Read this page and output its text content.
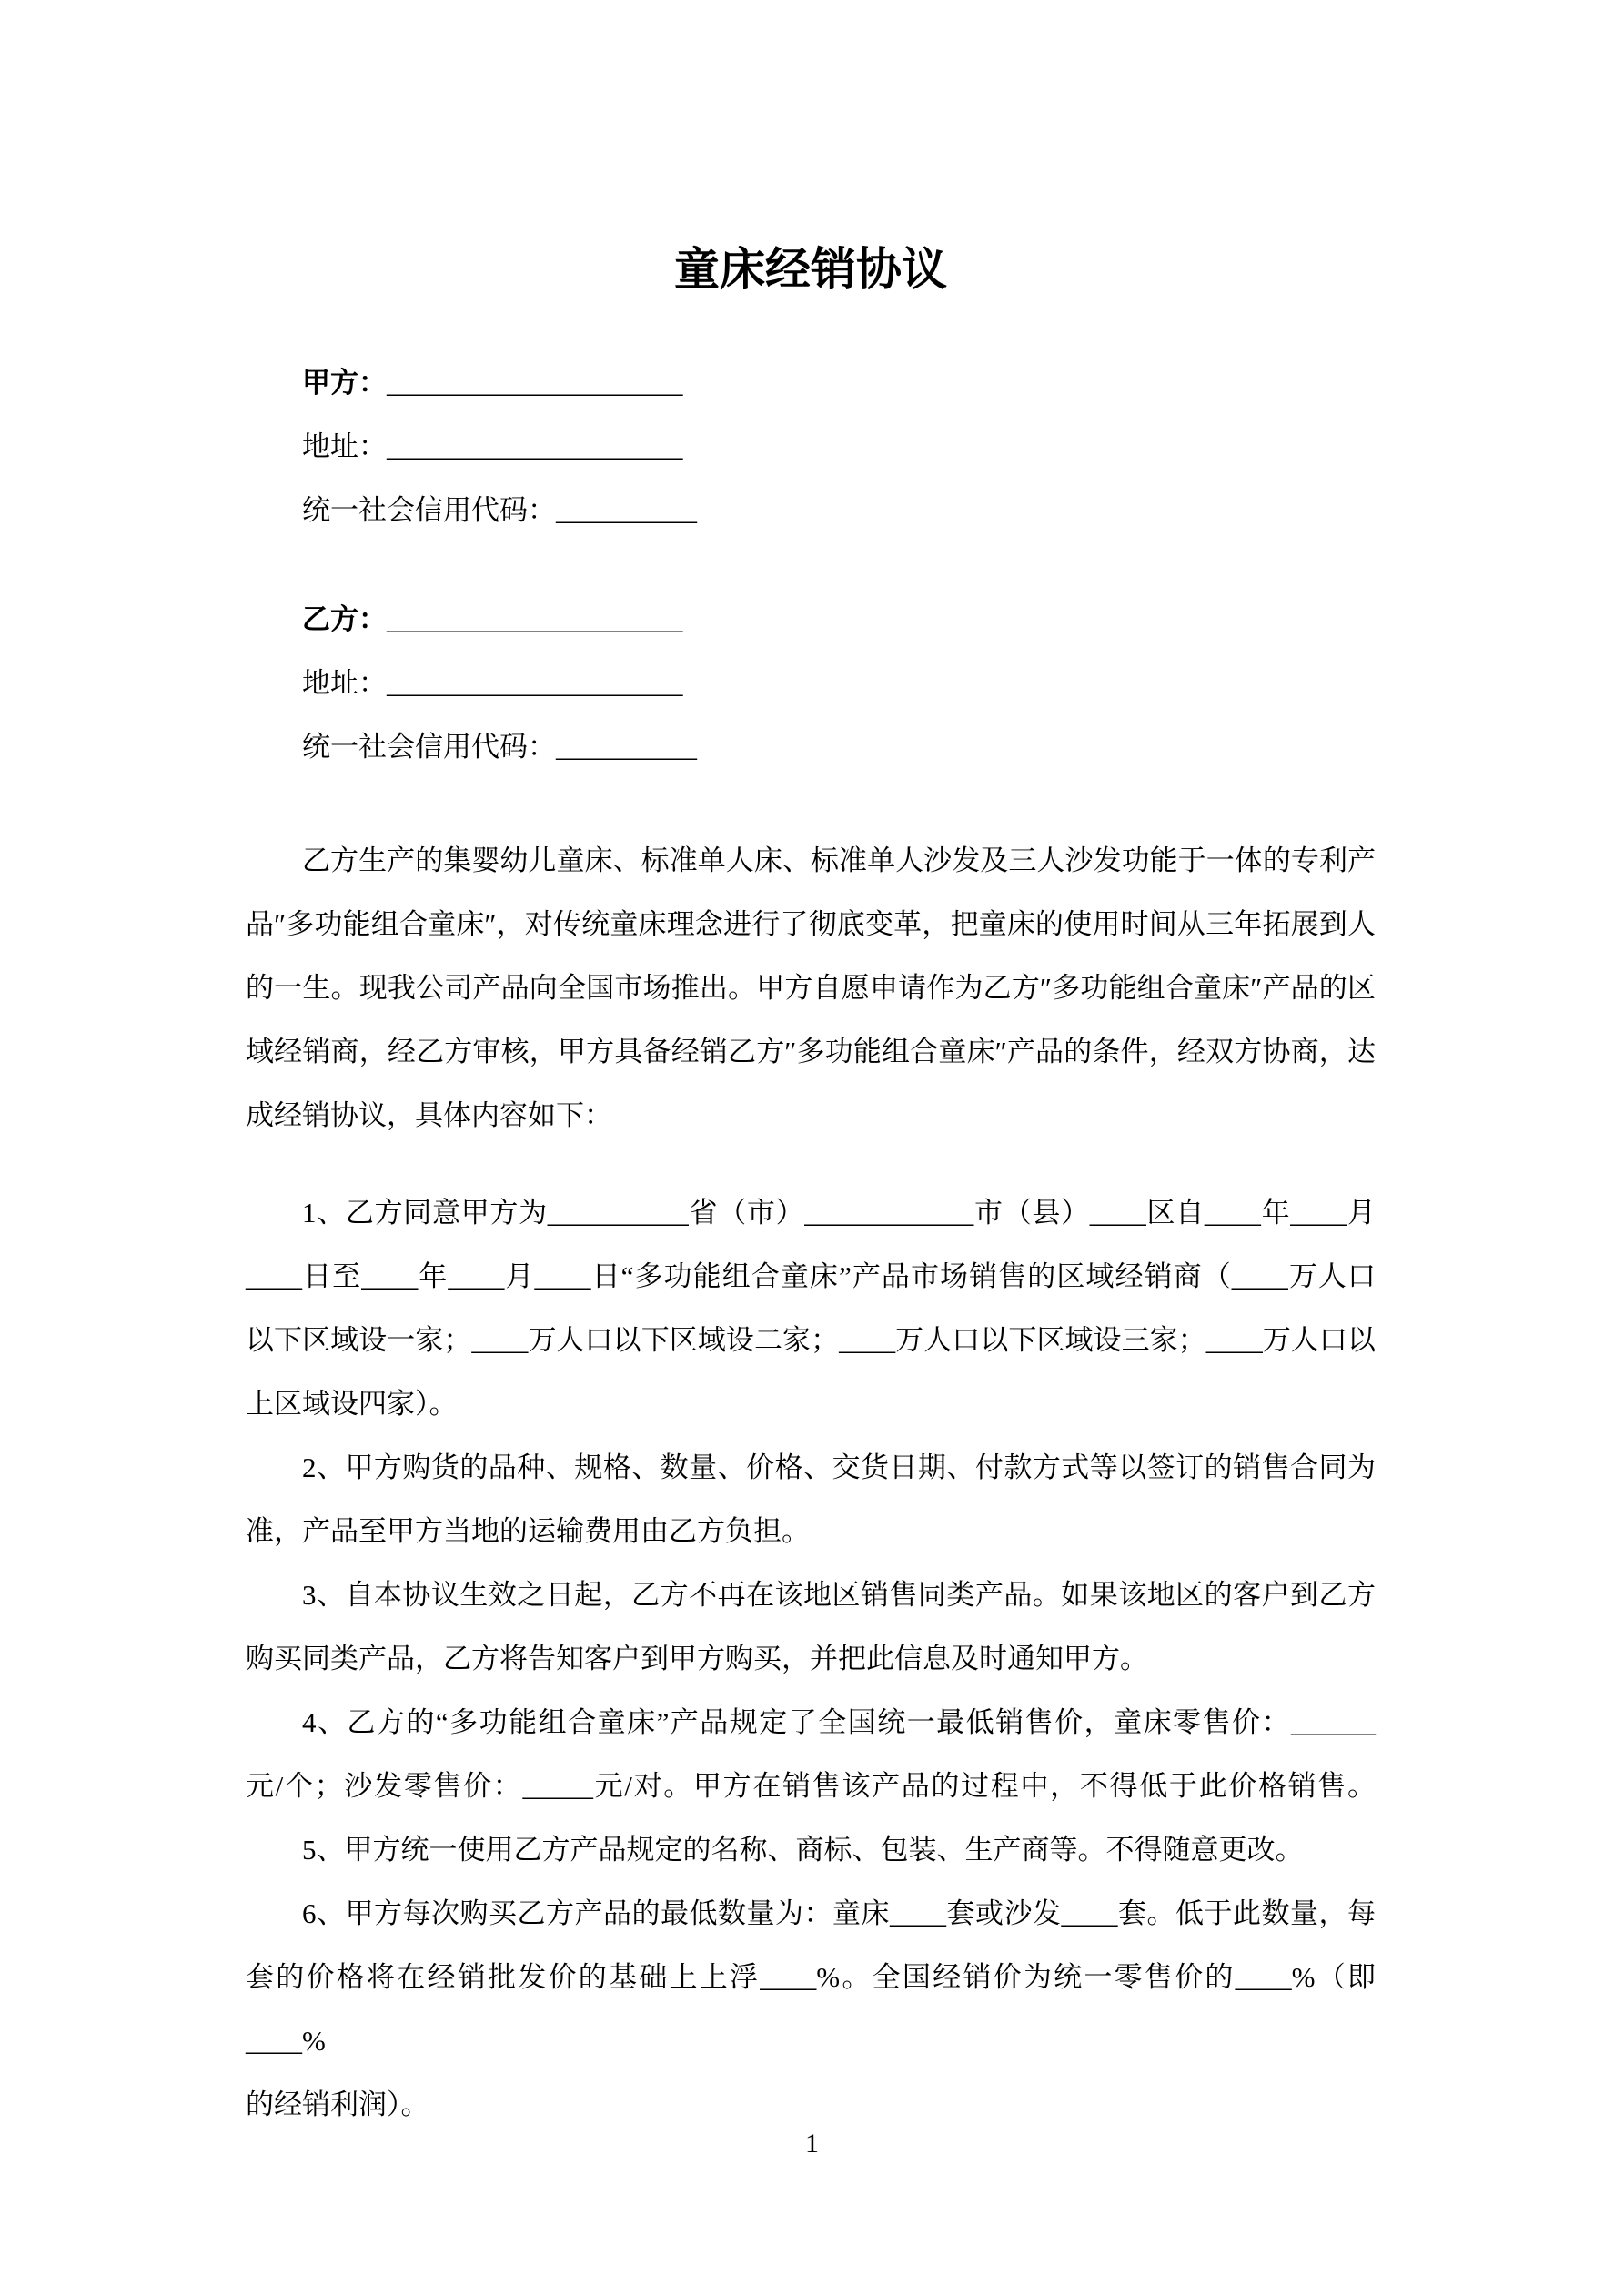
童床经销协议
甲方：_____________________
地址：_____________________
统一社会信用代码：__________
乙方：_____________________
地址：_____________________
统一社会信用代码：__________
乙方生产的集婴幼儿童床、标准单人床、标准单人沙发及三人沙发功能于一体的专利产
品″多功能组合童床″，对传统童床理念进行了彻底变革，把童床的使用时间从三年拓展到人
的一生。现我公司产品向全国市场推出。甲方自愿申请作为乙方″多功能组合童床″产品的区
域经销商，经乙方审核，甲方具备经销乙方″多功能组合童床″产品的条件，经双方协商，达
成经销协议，具体内容如下：
1、乙方同意甲方为__________省（市）____________市（县）____区自____年____月
____日至____年____月____日“多功能组合童床”产品市场销售的区域经销商（____万人口
以下区域设一家；____万人口以下区域设二家；____万人口以下区域设三家；____万人口以
上区域设四家）。
2、甲方购货的品种、规格、数量、价格、交货日期、付款方式等以签订的销售合同为
准，产品至甲方当地的运输费用由乙方负担。
3、自本协议生效之日起，乙方不再在该地区销售同类产品。如果该地区的客户到乙方
购买同类产品，乙方将告知客户到甲方购买，并把此信息及时通知甲方。
4、乙方的“多功能组合童床”产品规定了全国统一最低销售价，童床零售价：______
元/个；沙发零售价：_____元/对。甲方在销售该产品的过程中，不得低于此价格销售。
5、甲方统一使用乙方产品规定的名称、商标、包装、生产商等。不得随意更改。
6、甲方每次购买乙方产品的最低数量为：童床____套或沙发____套。低于此数量，每
套的价格将在经销批发价的基础上上浮____%。全国经销价为统一零售价的____%（即____%
的经销利润）。
1
